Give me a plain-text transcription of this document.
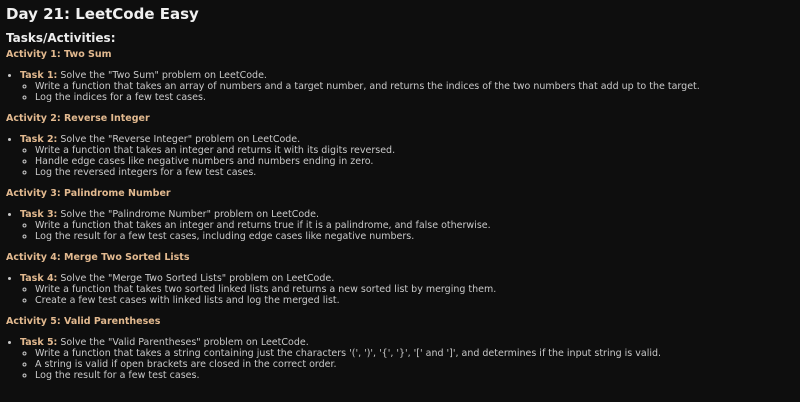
Day 21: LeetCode Easy
Tasks/Activities:
Activity 1: Two Sum
• Task 1: Solve the "Two Sum" problem on LeetCode.
◦ Write a function that takes an array of numbers and a target number, and returns the indices of the two numbers that add up to the target.
◦ Log the indices for a few test cases.
Activity 2: Reverse Integer
• Task 2: Solve the "Reverse Integer" problem on LeetCode.
◦ Write a function that takes an integer and returns it with its digits reversed.
◦ Handle edge cases like negative numbers and numbers ending in zero.
◦ Log the reversed integers for a few test cases.
Activity 3: Palindrome Number
• Task 3: Solve the "Palindrome Number" problem on LeetCode.
◦ Write a function that takes an integer and returns true if it is a palindrome, and false otherwise.
◦ Log the result for a few test cases, including edge cases like negative numbers.
Activity 4: Merge Two Sorted Lists
• Task 4: Solve the "Merge Two Sorted Lists" problem on LeetCode.
◦ Write a function that takes two sorted linked lists and returns a new sorted list by merging them.
◦ Create a few test cases with linked lists and log the merged list.
Activity 5: Valid Parentheses
• Task 5: Solve the "Valid Parentheses" problem on LeetCode.
◦ Write a function that takes a string containing just the characters '(', ')', '{', '}', '[' and ']', and determines if the input string is valid.
◦ A string is valid if open brackets are closed in the correct order.
◦ Log the result for a few test cases.
